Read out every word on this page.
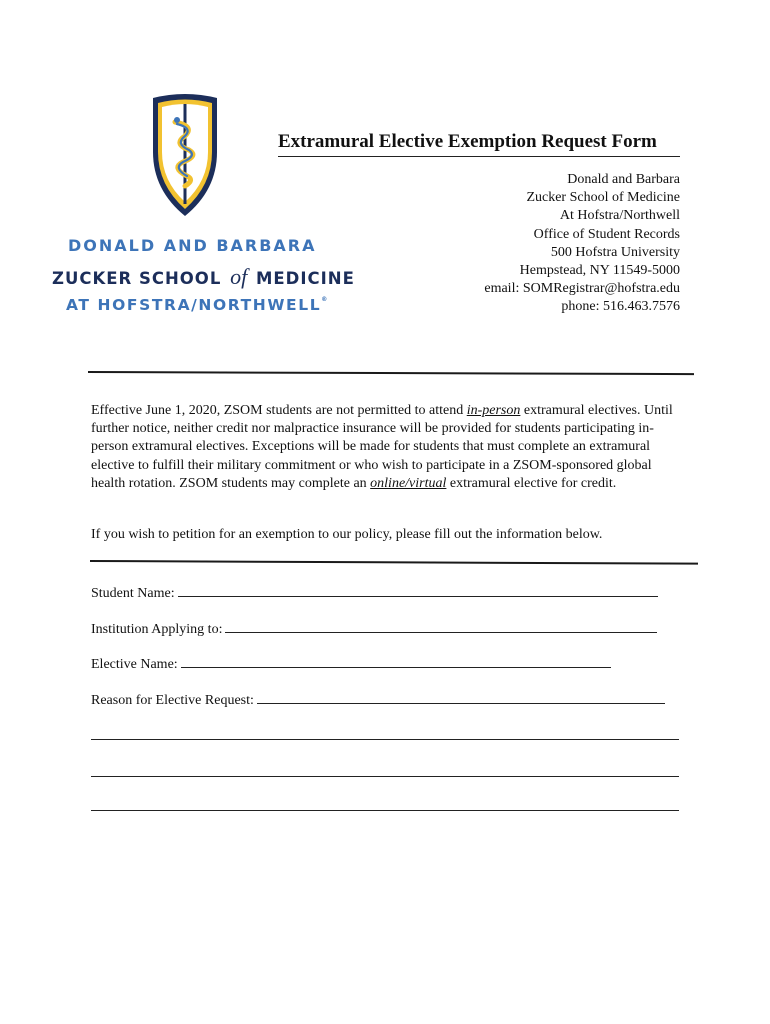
DONALD AND BARBARA
ZUCKER SCHOOL of MEDICINE
AT HOFSTRA/NORTHWELL®
Extramural Elective Exemption Request Form
Donald and Barbara
Zucker School of Medicine
At Hofstra/Northwell
Office of Student Records
500 Hofstra University
Hempstead, NY 11549-5000
email: SOMRegistrar@hofstra.edu
phone: 516.463.7576
Effective June 1, 2020, ZSOM students are not permitted to attend in-person extramural electives. Until further notice, neither credit nor malpractice insurance will be provided for students participating in-person extramural electives. Exceptions will be made for students that must complete an extramural elective to fulfill their military commitment or who wish to participate in a ZSOM-sponsored global health rotation. ZSOM students may complete an online/virtual extramural elective for credit.
If you wish to petition for an exemption to our policy, please fill out the information below.
Student Name:
Institution Applying to:
Elective Name:
Reason for Elective Request:
